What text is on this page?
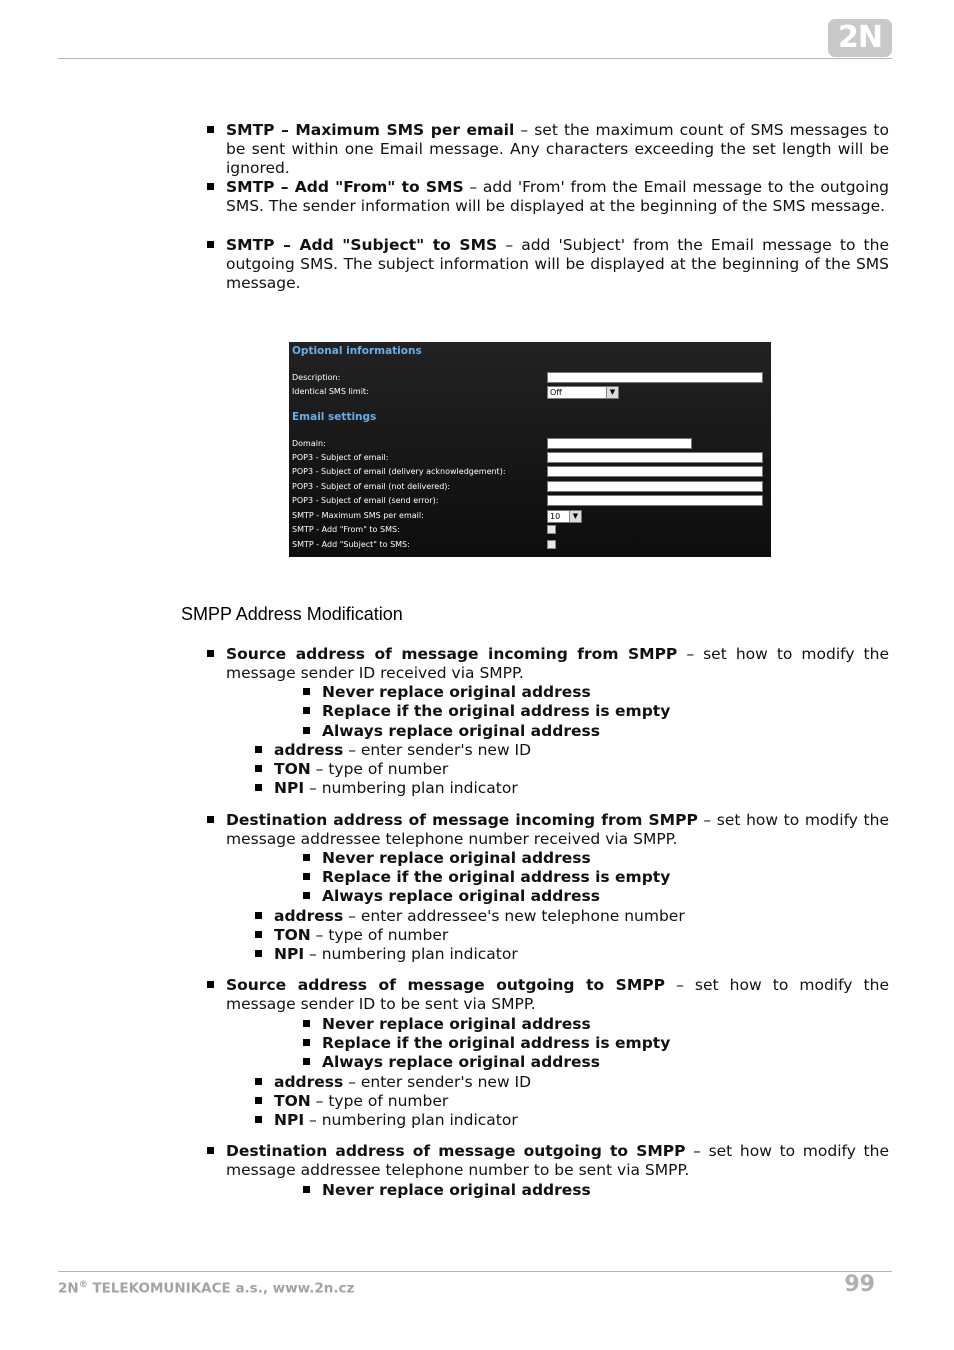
2N
SMTP – Maximum SMS per email – set the maximum count of SMS messages to be sent within one Email message. Any characters exceeding the set length will be ignored.
SMTP – Add "From" to SMS – add 'From' from the Email message to the outgoing SMS. The sender information will be displayed at the beginning of the SMS message.
SMTP – Add "Subject" to SMS – add 'Subject' from the Email message to the outgoing SMS. The subject information will be displayed at the beginning of the SMS message.
Optional informations
Description:
Identical SMS limit:	Off	▼
Email settings
Domain:
POP3 - Subject of email:
POP3 - Subject of email (delivery acknowledgement):
POP3 - Subject of email (not delivered):
POP3 - Subject of email (send error):
SMTP - Maximum SMS per email:	10	▼
SMTP - Add "From" to SMS:
SMTP - Add "Subject" to SMS:
SMPP Address Modification
Source address of message incoming from SMPP – set how to modify the message sender ID received via SMPP.
Never replace original address
Replace if the original address is empty
Always replace original address
address – enter sender's new ID
TON – type of number
NPI – numbering plan indicator
Destination address of message incoming from SMPP – set how to modify the message addressee telephone number received via SMPP.
Never replace original address
Replace if the original address is empty
Always replace original address
address – enter addressee's new telephone number
TON – type of number
NPI – numbering plan indicator
Source address of message outgoing to SMPP – set how to modify the message sender ID to be sent via SMPP.
Never replace original address
Replace if the original address is empty
Always replace original address
address – enter sender's new ID
TON – type of number
NPI – numbering plan indicator
Destination address of message outgoing to SMPP – set how to modify the message addressee telephone number to be sent via SMPP.
Never replace original address
2N® TELEKOMUNIKACE a.s., www.2n.cz	99
